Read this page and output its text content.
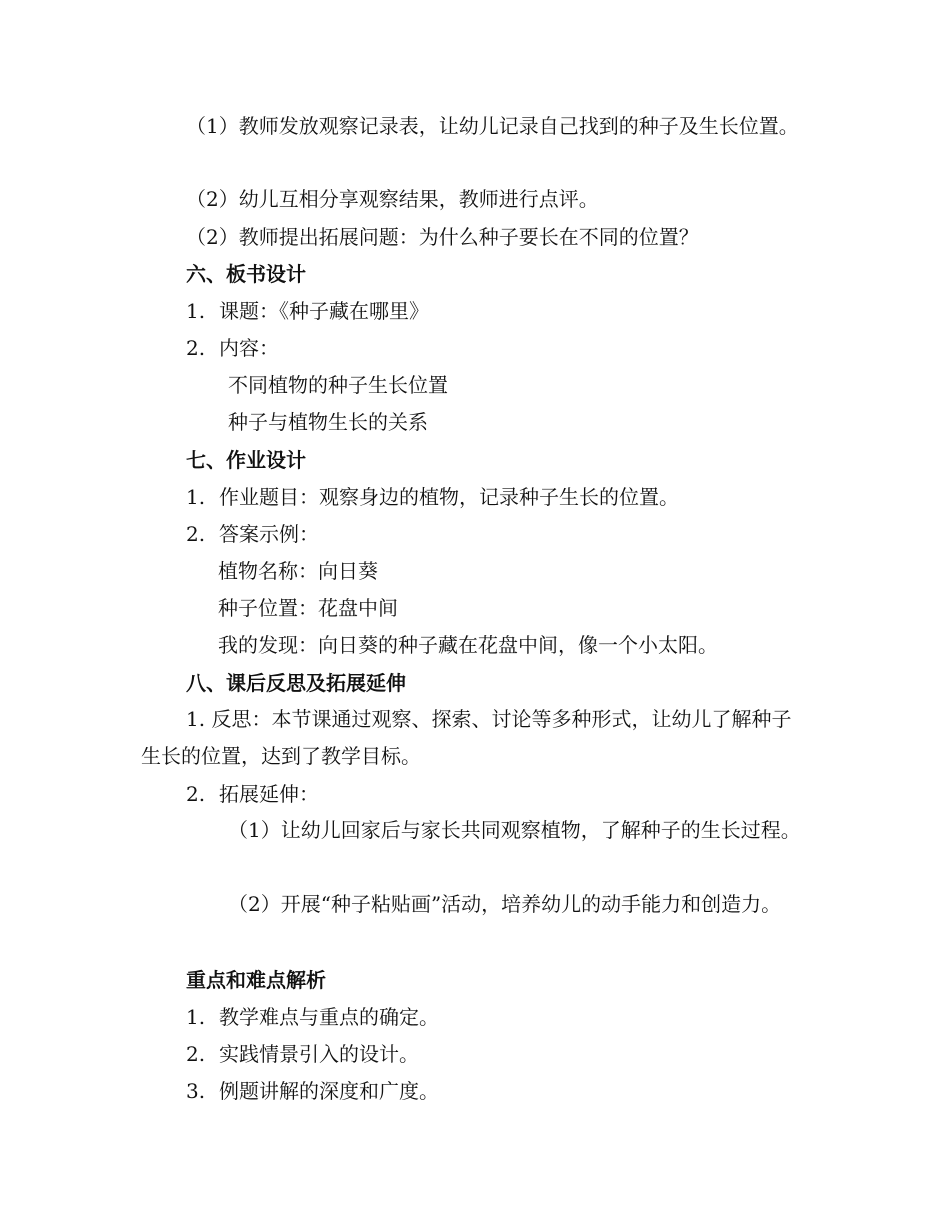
（1）教师发放观察记录表，让幼儿记录自己找到的种子及生长位置。
（2）幼儿互相分享观察结果，教师进行点评。
（2）教师提出拓展问题：为什么种子要长在不同的位置？
六、板书设计
1. 课题：《种子藏在哪里》
2. 内容：
不同植物的种子生长位置
种子与植物生长的关系
七、作业设计
1. 作业题目：观察身边的植物，记录种子生长的位置。
2. 答案示例：
植物名称：向日葵
种子位置：花盘中间
我的发现：向日葵的种子藏在花盘中间，像一个小太阳。
八、课后反思及拓展延伸
1. 反思：本节课通过观察、探索、讨论等多种形式，让幼儿了解种子生长的位置，达到了教学目标。
2. 拓展延伸：
（1）让幼儿回家后与家长共同观察植物，了解种子的生长过程。
（2）开展“种子粘贴画”活动，培养幼儿的动手能力和创造力。
重点和难点解析
1. 教学难点与重点的确定。
2. 实践情景引入的设计。
3. 例题讲解的深度和广度。
